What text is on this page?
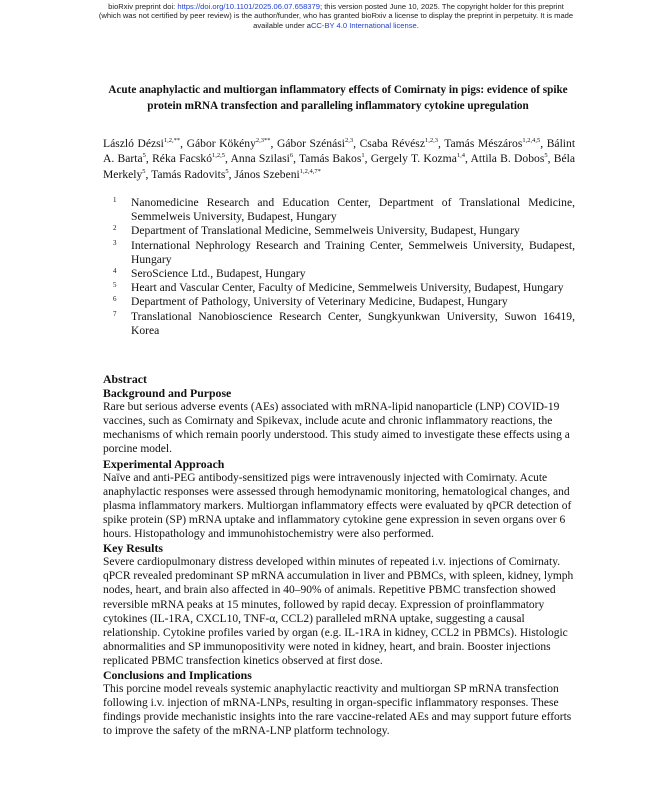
bioRxiv preprint doi: https://doi.org/10.1101/2025.06.07.658379; this version posted June 10, 2025. The copyright holder for this preprint
(which was not certified by peer review) is the author/funder, who has granted bioRxiv a license to display the preprint in perpetuity. It is made
available under aCC-BY 4.0 International license.
Acute anaphylactic and multiorgan inflammatory effects of Comirnaty in pigs: evidence of spike protein mRNA transfection and paralleling inflammatory cytokine upregulation
László Dézsi$^{1,2,**}$, Gábor Kökény$^{2,3**}$, Gábor Szénási$^{2,3}$, Csaba Révész$^{1,2,3}$, Tamás Mészáros$^{1,2,4,5}$, Bálint A. Barta$^5$, Réka Facskó$^{1,2,5}$, Anna Szilasi$^6$, Tamás Bakos$^1$, Gergely T. Kozma$^{1,4}$, Attila B. Dobos$^5$, Béla Merkely$^5$, Tamás Radovits$^5$, János Szebeni$^{1,2,4,7*}$
1 Nanomedicine Research and Education Center, Department of Translational Medicine, Semmelweis University, Budapest, Hungary
2 Department of Translational Medicine, Semmelweis University, Budapest, Hungary
3 International Nephrology Research and Training Center, Semmelweis University, Budapest, Hungary
4 SeroScience Ltd., Budapest, Hungary
5 Heart and Vascular Center, Faculty of Medicine, Semmelweis University, Budapest, Hungary
6 Department of Pathology, University of Veterinary Medicine, Budapest, Hungary
7 Translational Nanobioscience Research Center, Sungkyunkwan University, Suwon 16419, Korea
Abstract
Background and Purpose

Rare but serious adverse events (AEs) associated with mRNA-lipid nanoparticle (LNP) COVID-19 vaccines, such as Comirnaty and Spikevax, include acute and chronic inflammatory reactions, the mechanisms of which remain poorly understood. This study aimed to investigate these effects using a porcine model.

Experimental Approach

Naïve and anti-PEG antibody-sensitized pigs were intravenously injected with Comirnaty. Acute anaphylactic responses were assessed through hemodynamic monitoring, hematological changes, and plasma inflammatory markers. Multiorgan inflammatory effects were evaluated by qPCR detection of spike protein (SP) mRNA uptake and inflammatory cytokine gene expression in seven organs over 6 hours. Histopathology and immunohistochemistry were also performed.

Key Results

Severe cardiopulmonary distress developed within minutes of repeated i.v. injections of Comirnaty. qPCR revealed predominant SP mRNA accumulation in liver and PBMCs, with spleen, kidney, lymph nodes, heart, and brain also affected in 40–90% of animals. Repetitive PBMC transfection showed reversible mRNA peaks at 15 minutes, followed by rapid decay. Expression of proinflammatory cytokines (IL-1RA, CXCL10, TNF-α, CCL2) paralleled mRNA uptake, suggesting a causal relationship. Cytokine profiles varied by organ (e.g. IL-1RA in kidney, CCL2 in PBMCs). Histologic abnormalities and SP immunopositivity were noted in kidney, heart, and brain. Booster injections replicated PBMC transfection kinetics observed at first dose.

Conclusions and Implications

This porcine model reveals systemic anaphylactic reactivity and multiorgan SP mRNA transfection following i.v. injection of mRNA-LNPs, resulting in organ-specific inflammatory responses. These findings provide mechanistic insights into the rare vaccine-related AEs and may support future efforts to improve the safety of the mRNA-LNP platform technology.
